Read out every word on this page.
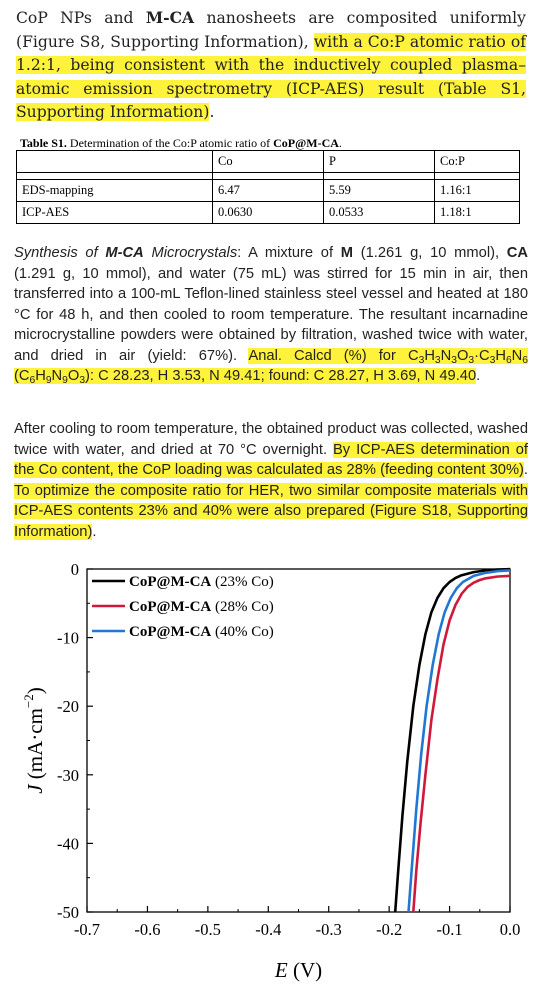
CoP NPs and M-CA nanosheets are composited uniformly (Figure S8, Supporting Information), with a Co:P atomic ratio of 1.2:1, being consistent with the inductively coupled plasma–atomic emission spectrometry (ICP-AES) result (Table S1, Supporting Information).
Table S1. Determination of the Co:P atomic ratio of CoP@M-CA.
	Co	P	Co:P

EDS-mapping	6.47	5.59	1.16:1
ICP-AES	0.0630	0.0533	1.18:1
Synthesis of M-CA Microcrystals: A mixture of M (1.261 g, 10 mmol), CA (1.291 g, 10 mmol), and water (75 mL) was stirred for 15 min in air, then transferred into a 100-mL Teflon-lined stainless steel vessel and heated at 180 °C for 48 h, and then cooled to room temperature. The resultant incarnadine microcrystalline powders were obtained by filtration, washed twice with water, and dried in air (yield: 67%). Anal. Calcd (%) for $C_3H_3N_3O_3\cdot C_3H_6N_6$ $(C_6H_9N_9O_3)$: C 28.23, H 3.53, N 49.41; found: C 28.27, H 3.69, N 49.40.
After cooling to room temperature, the obtained product was collected, washed twice with water, and dried at 70 °C overnight. By ICP-AES determination of the Co content, the CoP loading was calculated as 28% (feeding content 30%). To optimize the composite ratio for HER, two similar composite materials with ICP-AES contents 23% and 40% were also prepared (Figure S18, Supporting Information).
-0.7 -0.6 -0.5 -0.4 -0.3 -0.2 -0.1 0.0
0
-10
-20
-30
-40
-50
CoP@M-CA (23% Co)
CoP@M-CA (28% Co)
CoP@M-CA (40% Co)
E (V)
J $(mA\cdot cm^{-2})$
